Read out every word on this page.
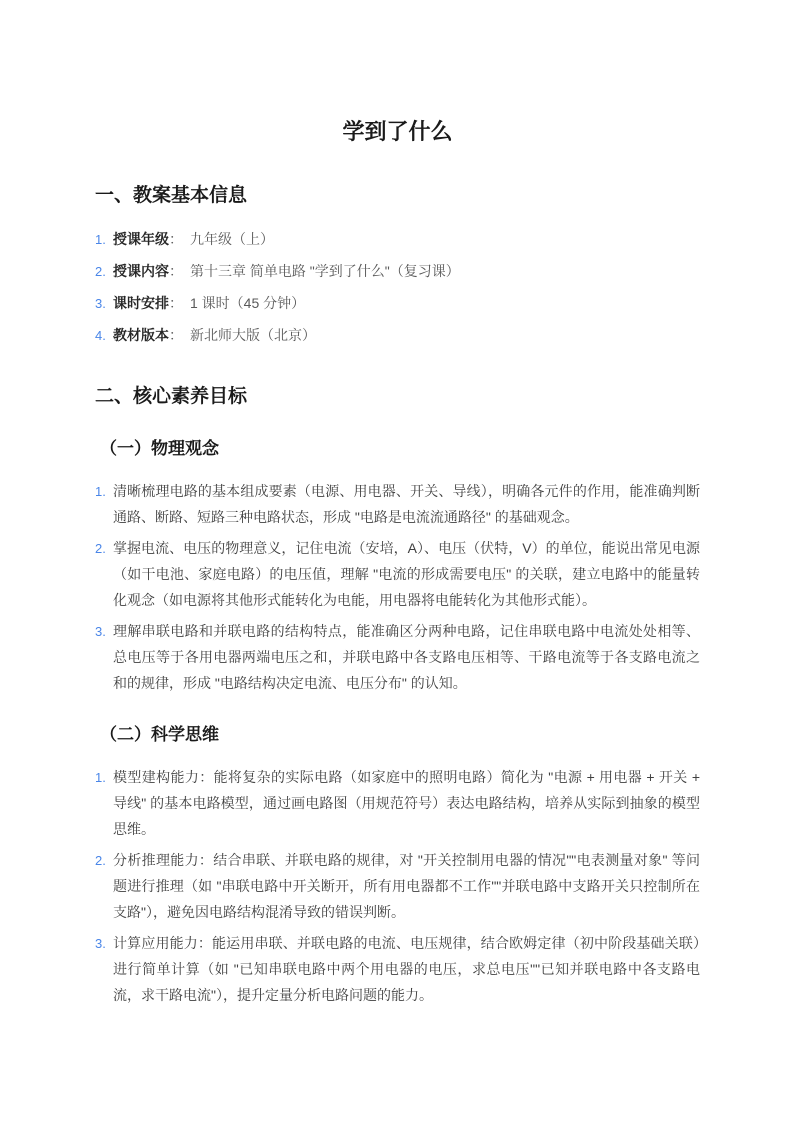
学到了什么
一、教案基本信息
1. 授课年级 ： 九年级（上）
2. 授课内容 ： 第十三章 简单电路 "学到了什么"（复习课）
3. 课时安排 ： 1 课时（45 分钟）
4. 教材版本 ： 新北师大版（北京）
二、核心素养目标
（一）物理观念
1. 清晰梳理电路的基本组成要素（电源、用电器、开关、导线），明确各元件的作用，能准确判断通路、断路、短路三种电路状态，形成 "电路是电流流通路径" 的基础观念。
2. 掌握电流、电压的物理意义，记住电流（安培，A）、电压（伏特，V）的单位，能说出常见电源（如干电池、家庭电路）的电压值，理解 "电流的形成需要电压" 的关联，建立电路中的能量转化观念（如电源将其他形式能转化为电能，用电器将电能转化为其他形式能）。
3. 理解串联电路和并联电路的结构特点，能准确区分两种电路，记住串联电路中电流处处相等、总电压等于各用电器两端电压之和，并联电路中各支路电压相等、干路电流等于各支路电流之和的规律，形成 "电路结构决定电流、电压分布" 的认知。
（二）科学思维
1. 模型建构能力：能将复杂的实际电路（如家庭中的照明电路）简化为 "电源 + 用电器 + 开关 + 导线" 的基本电路模型，通过画电路图（用规范符号）表达电路结构，培养从实际到抽象的模型思维。
2. 分析推理能力：结合串联、并联电路的规律，对 "开关控制用电器的情况""电表测量对象" 等问题进行推理（如 "串联电路中开关断开，所有用电器都不工作""并联电路中支路开关只控制所在支路"），避免因电路结构混淆导致的错误判断。
3. 计算应用能力：能运用串联、并联电路的电流、电压规律，结合欧姆定律（初中阶段基础关联）进行简单计算（如 "已知串联电路中两个用电器的电压，求总电压""已知并联电路中各支路电流，求干路电流"），提升定量分析电路问题的能力。
